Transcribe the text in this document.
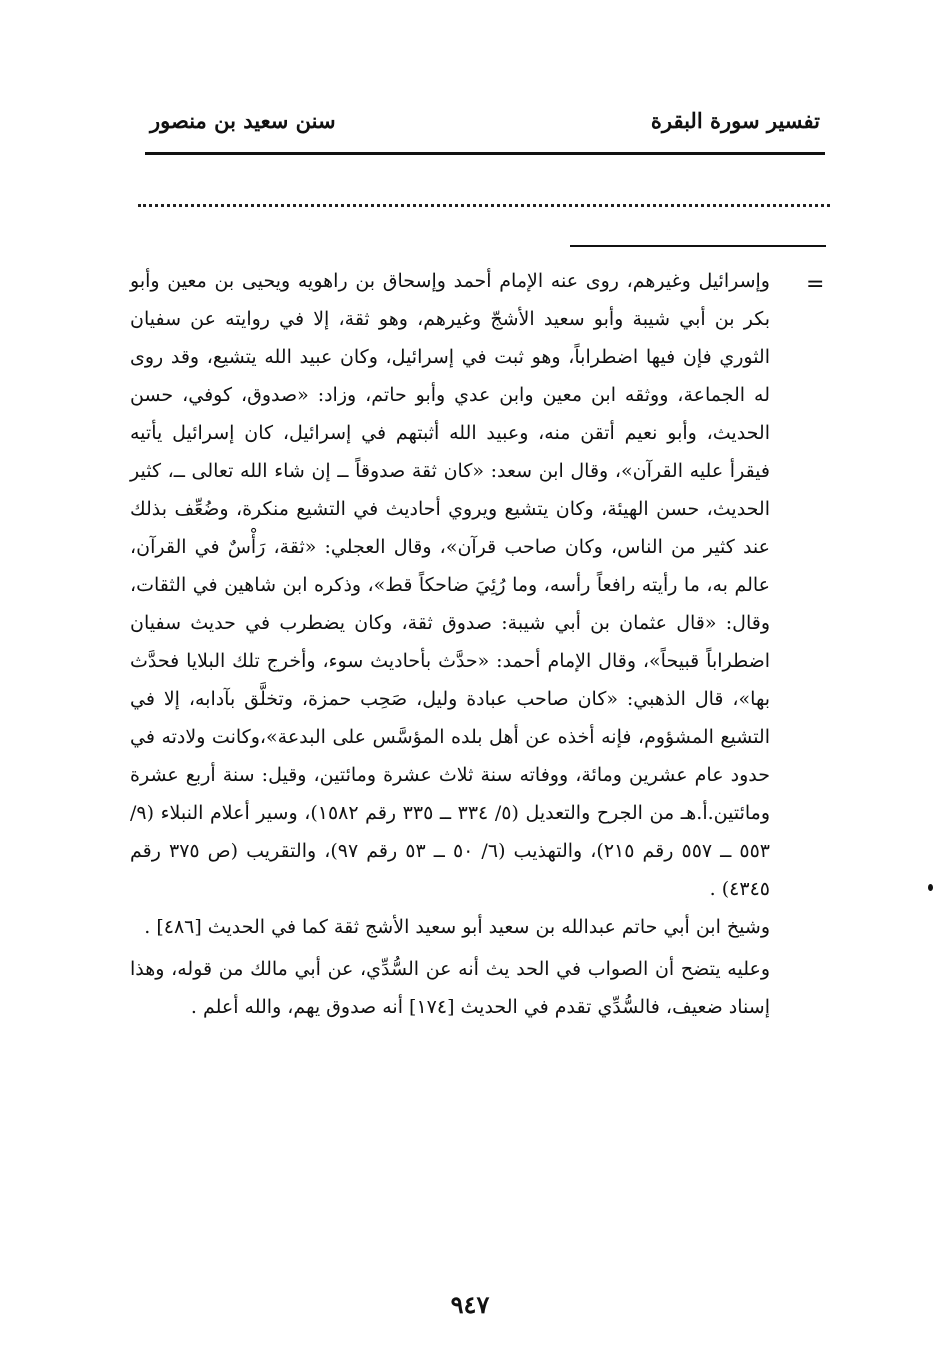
تفسير سورة البقرة
سنن سعيد بن منصور
=

وإسرائيل وغيرهم، روى عنه الإمام أحمد وإسحاق بن راهويه ويحيى بن معين وأبو بكر بن أبي شيبة وأبو سعيد الأشجّ وغيرهم، وهو ثقة، إلا في روايته عن سفيان الثوري فإن فيها اضطراباً، وهو ثبت في إسرائيل، وكان عبيد الله يتشيع، وقد روى له الجماعة، ووثقه ابن معين وابن عدي وأبو حاتم، وزاد: «صدوق، كوفي، حسن الحديث، وأبو نعيم أتقن منه، وعبيد الله أثبتهم في إسرائيل، كان إسرائيل يأتيه فيقرأ عليه القرآن»، وقال ابن سعد: «كان ثقة صدوقاً ــ إن شاء الله تعالى ــ، كثير الحديث، حسن الهيئة، وكان يتشيع ويروي أحاديث في التشيع منكرة، وضُعِّف بذلك عند كثير من الناس، وكان صاحب قرآن»، وقال العجلي: «ثقة، رَأْسٌ في القرآن، عالم به، ما رأيته رافعاً رأسه، وما رُئِيَ ضاحكاً قط»، وذكره ابن شاهين في الثقات، وقال: «قال عثمان بن أبي شيبة: صدوق ثقة، وكان يضطرب في حديث سفيان اضطراباً قبيحاً»، وقال الإمام أحمد: «حدَّث بأحاديث سوء، وأخرج تلك البلايا فحدَّث بها»، قال الذهبي: «كان صاحب عبادة وليل، صَحِب حمزة، وتخلَّق بآدابه، إلا في التشيع المشؤوم، فإنه أخذه عن أهل بلده المؤسَّس على البدعة»،وكانت ولادته في حدود عام عشرين ومائة، ووفاته سنة ثلاث عشرة ومائتين، وقيل: سنة أربع عشرة ومائتين.أ.هـ من الجرح والتعديل (٥/ ٣٣٤ ــ ٣٣٥ رقم ١٥٨٢)، وسير أعلام النبلاء (٩/ ٥٥٣ ــ ٥٥٧ رقم ٢١٥)، والتهذيب (٦/ ٥٠ ــ ٥٣ رقم ٩٧)، والتقريب (ص ٣٧٥ رقم ٤٣٤٥) .

وشيخ ابن أبي حاتم عبدالله بن سعيد أبو سعيد الأشج ثقة كما في الحديث [٤٨٦] .

وعليه يتضح أن الصواب في الحد يث أنه عن السُّدِّي، عن أبي مالك من قوله، وهذا إسناد ضعيف، فالسُّدِّي تقدم في الحديث [١٧٤] أنه صدوق يهم، والله أعلم .

٩٤٧
